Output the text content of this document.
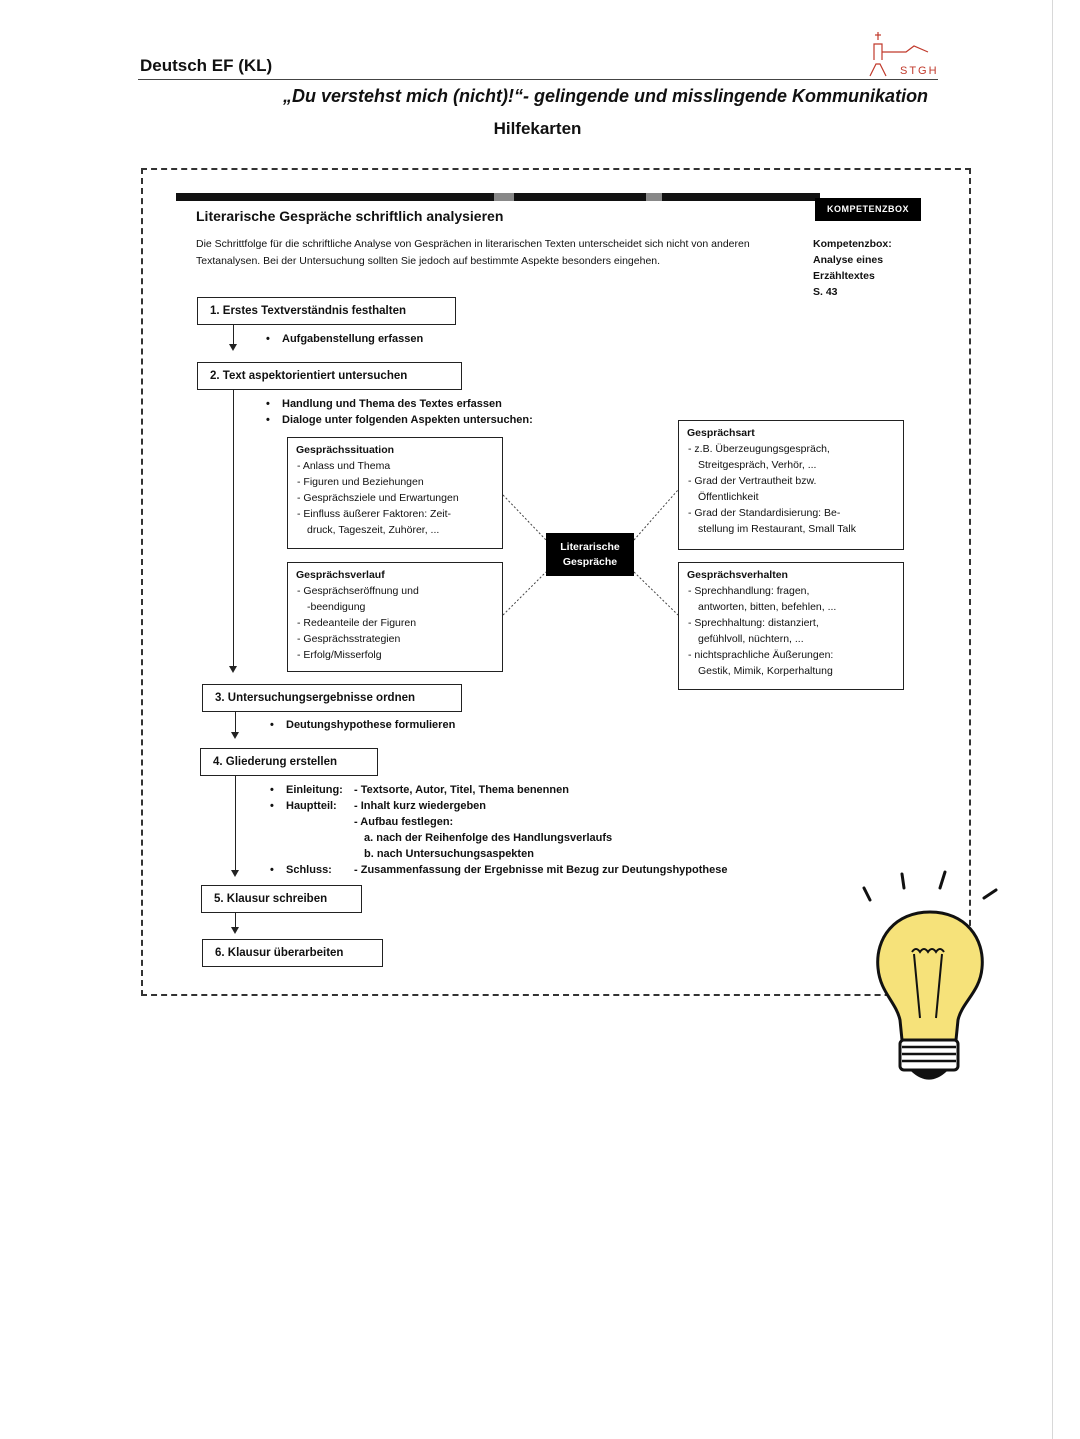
Deutsch EF (KL)	STGH
„Du verstehst mich (nicht)!“- gelingende und misslingende Kommunikation
Hilfekarten
KOMPETENZBOX
Kompetenzbox:
Analyse eines
Erzähltextes
S. 43
Literarische Gespräche schriftlich analysieren
Die Schrittfolge für die schriftliche Analyse von Gesprächen in literarischen Texten unterscheidet sich nicht von anderen Textanalysen. Bei der Untersuchung sollten Sie jedoch auf bestimmte Aspekte besonders eingehen.
1. Erstes Textverständnis festhalten
• Aufgabenstellung erfassen
2. Text aspektorientiert untersuchen
• Handlung und Thema des Textes erfassen
• Dialoge unter folgenden Aspekten untersuchen:
Gesprächssituation
- Anlass und Thema
- Figuren und Beziehungen
- Gesprächsziele und Erwartungen
- Einfluss äußerer Faktoren: Zeit-
druck, Tageszeit, Zuhörer, ...
Gesprächsverlauf
- Gesprächseröffnung und
-beendigung
- Redeanteile der Figuren
- Gesprächsstrategien
- Erfolg/Misserfolg
Gesprächsart
- z.B. Überzeugungsgespräch,
Streitgespräch, Verhör, ...
- Grad der Vertrautheit bzw.
Öffentlichkeit
- Grad der Standardisierung: Be-
stellung im Restaurant, Small Talk
Gesprächsverhalten
- Sprechhandlung: fragen,
antworten, bitten, befehlen, ...
- Sprechhaltung: distanziert,
gefühlvoll, nüchtern, ...
- nichtsprachliche Äußerungen:
Gestik, Mimik, Korperhaltung
Literarische
Gespräche
3. Untersuchungsergebnisse ordnen
• Deutungshypothese formulieren
4. Gliederung erstellen
• Einleitung:	- Textsorte, Autor, Titel, Thema benennen
• Hauptteil:	- Inhalt kurz wiedergeben
- Aufbau festlegen:
a. nach der Reihenfolge des Handlungsverlaufs
b. nach Untersuchungsaspekten
• Schluss:	- Zusammenfassung der Ergebnisse mit Bezug zur Deutungshypothese
5. Klausur schreiben
6. Klausur überarbeiten
